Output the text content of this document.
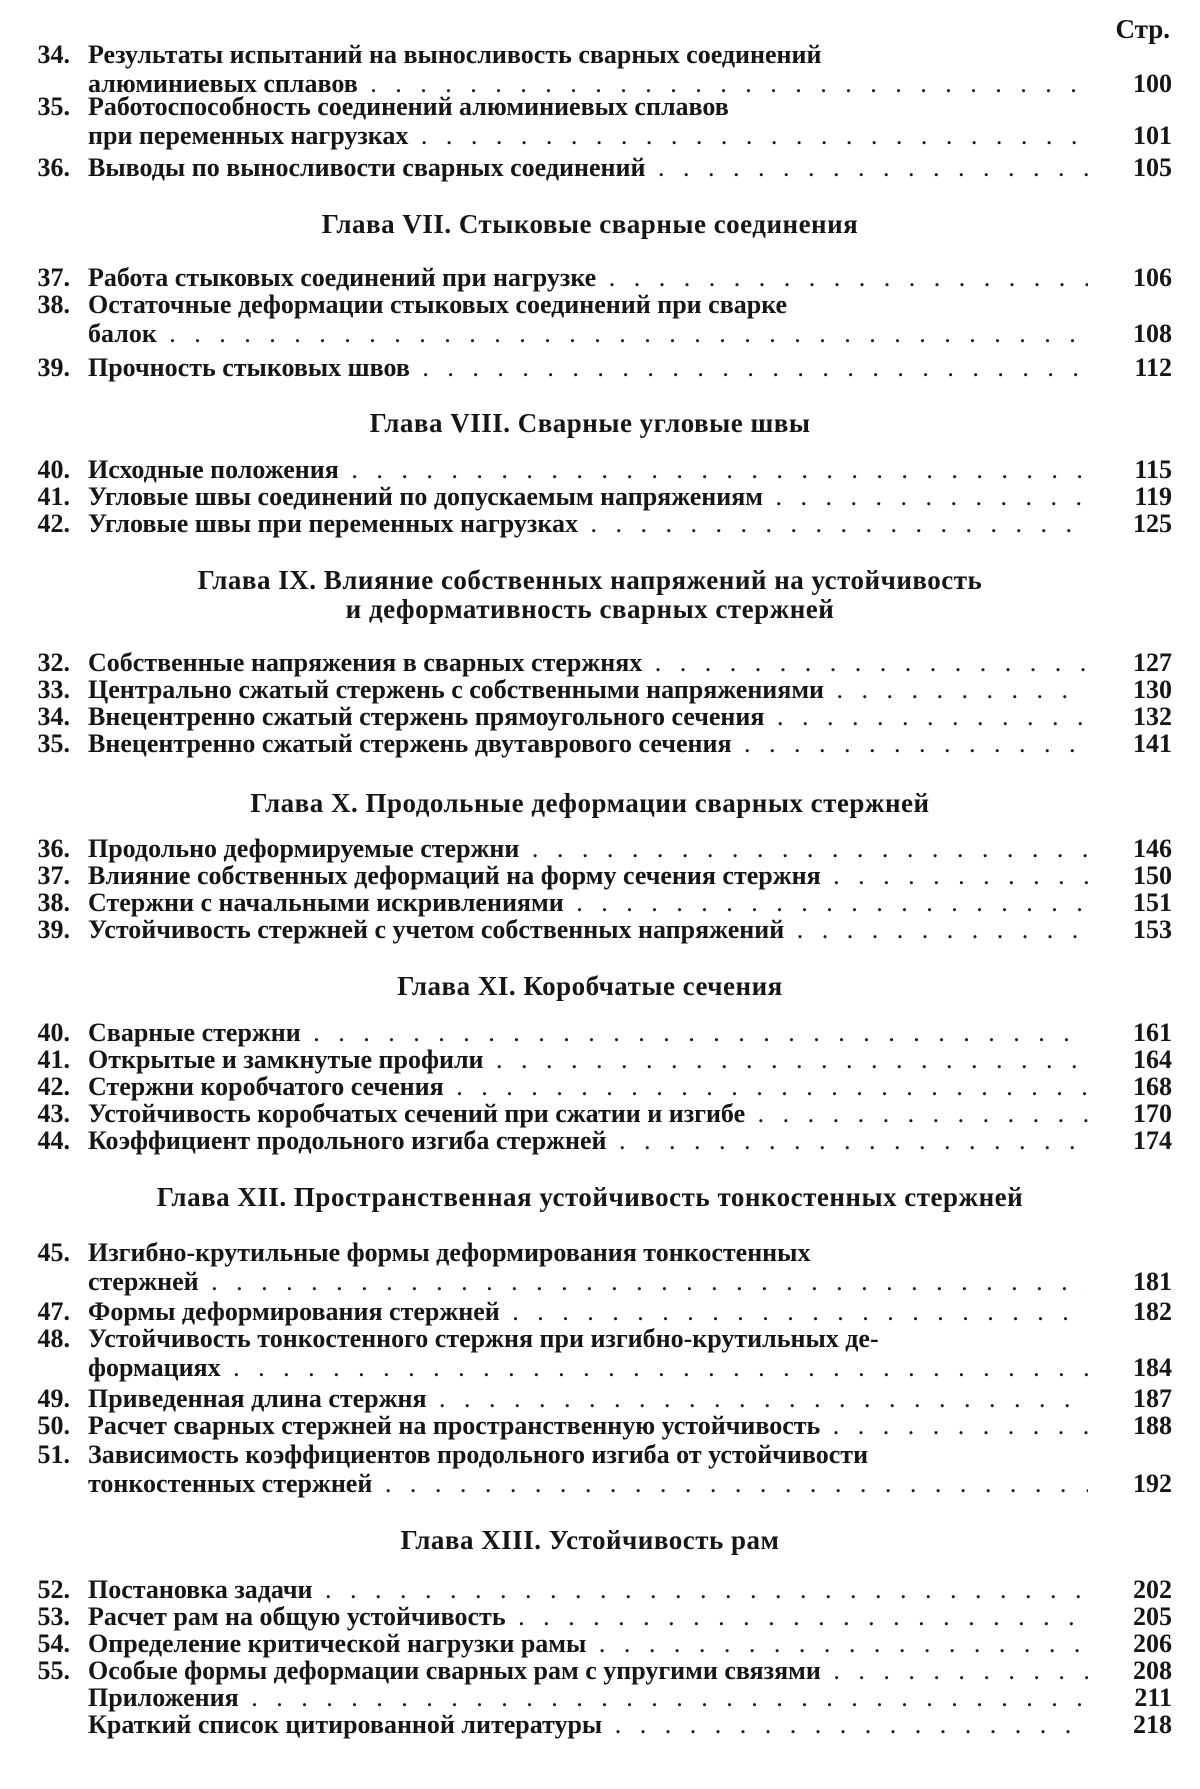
Стр.
34. Результаты испытаний на выносливость сварных соединений
алюминиевых сплавов . . .	100
35. Работоспособность соединений алюминиевых сплавов
при переменных нагрузках . . .	101
36. Выводы по выносливости сварных соединений . . .	105
Глава VII. Стыковые сварные соединения
37. Работа стыковых соединений при нагрузке . . .	106
38. Остаточные деформации стыковых соединений при сварке
балок . . .	108
39. Прочность стыковых швов . . .	112
Глава VIII. Сварные угловые швы
40. Исходные положения . . .	115
41. Угловые швы соединений по допускаемым напряжениям . . .	119
42. Угловые швы при переменных нагрузках . . .	125
Глава IX. Влияние собственных напряжений на устойчивость
и деформативность сварных стержней
32. Собственные напряжения в сварных стержнях . . .	127
33. Центрально сжатый стержень с собственными напряжениями . . .	130
34. Внецентренно сжатый стержень прямоугольного сечения . . .	132
35. Внецентренно сжатый стержень двутаврового сечения . . .	141
Глава X. Продольные деформации сварных стержней
36. Продольно деформируемые стержни . . .	146
37. Влияние собственных деформаций на форму сечения стержня . . .	150
38. Стержни с начальными искривлениями . . .	151
39. Устойчивость стержней с учетом собственных напряжений . . .	153
Глава XI. Коробчатые сечения
40. Сварные стержни . . .	161
41. Открытые и замкнутые профили . . .	164
42. Стержни коробчатого сечения . . .	168
43. Устойчивость коробчатых сечений при сжатии и изгибе . . .	170
44. Коэффициент продольного изгиба стержней . . .	174
Глава XII. Пространственная устойчивость тонкостенных стержней
45. Изгибно-крутильные формы деформирования тонкостенных
стержней . . .	181
47. Формы деформирования стержней . . .	182
48. Устойчивость тонкостенного стержня при изгибно-крутильных де-
формациях . . .	184
49. Приведенная длина стержня . . .	187
50. Расчет сварных стержней на пространственную устойчивость . . .	188
51. Зависимость коэффициентов продольного изгиба от устойчивости
тонкостенных стержней . . .	192
Глава XIII. Устойчивость рам
52. Постановка задачи . . .	202
53. Расчет рам на общую устойчивость . . .	205
54. Определение критической нагрузки рамы . . .	206
55. Особые формы деформации сварных рам с упругими связями . . .	208
Приложения . . .	211
Краткий список цитированной литературы . . .	218
